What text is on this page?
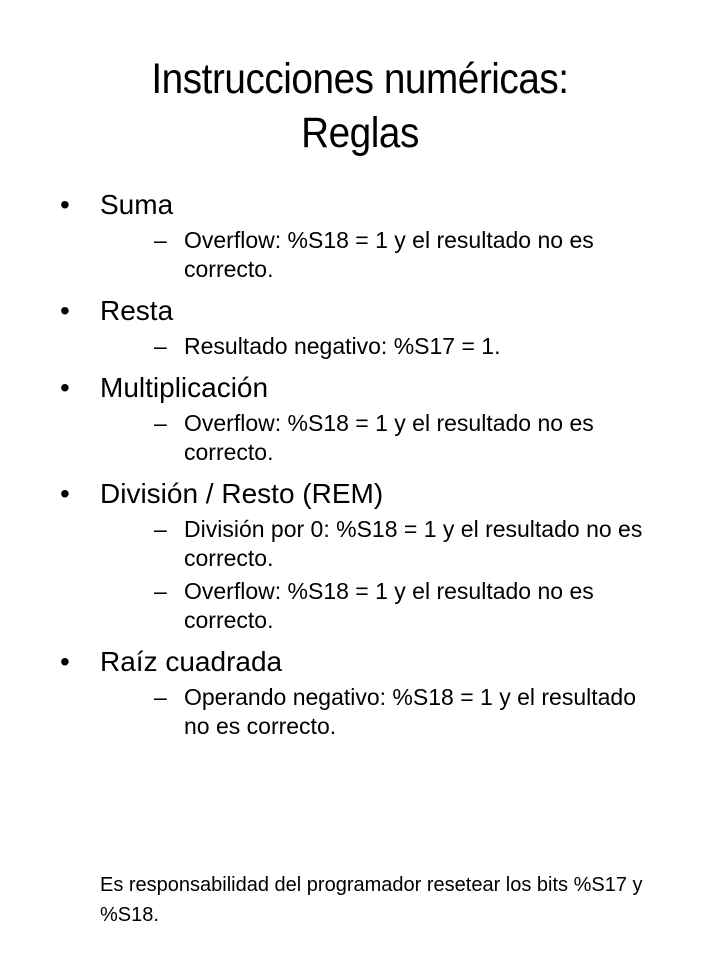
Instrucciones numéricas:
Reglas
• Suma
– Overflow: %S18 = 1 y el resultado no es correcto.
• Resta
– Resultado negativo: %S17 = 1.
• Multiplicación
– Overflow: %S18 = 1 y el resultado no es correcto.
• División / Resto (REM)
– División por 0: %S18 = 1 y el resultado no es correcto.
– Overflow: %S18 = 1 y el resultado no es correcto.
• Raíz cuadrada
– Operando negativo: %S18 = 1 y el resultado no es correcto.
Es responsabilidad del programador resetear los bits %S17 y %S18.
